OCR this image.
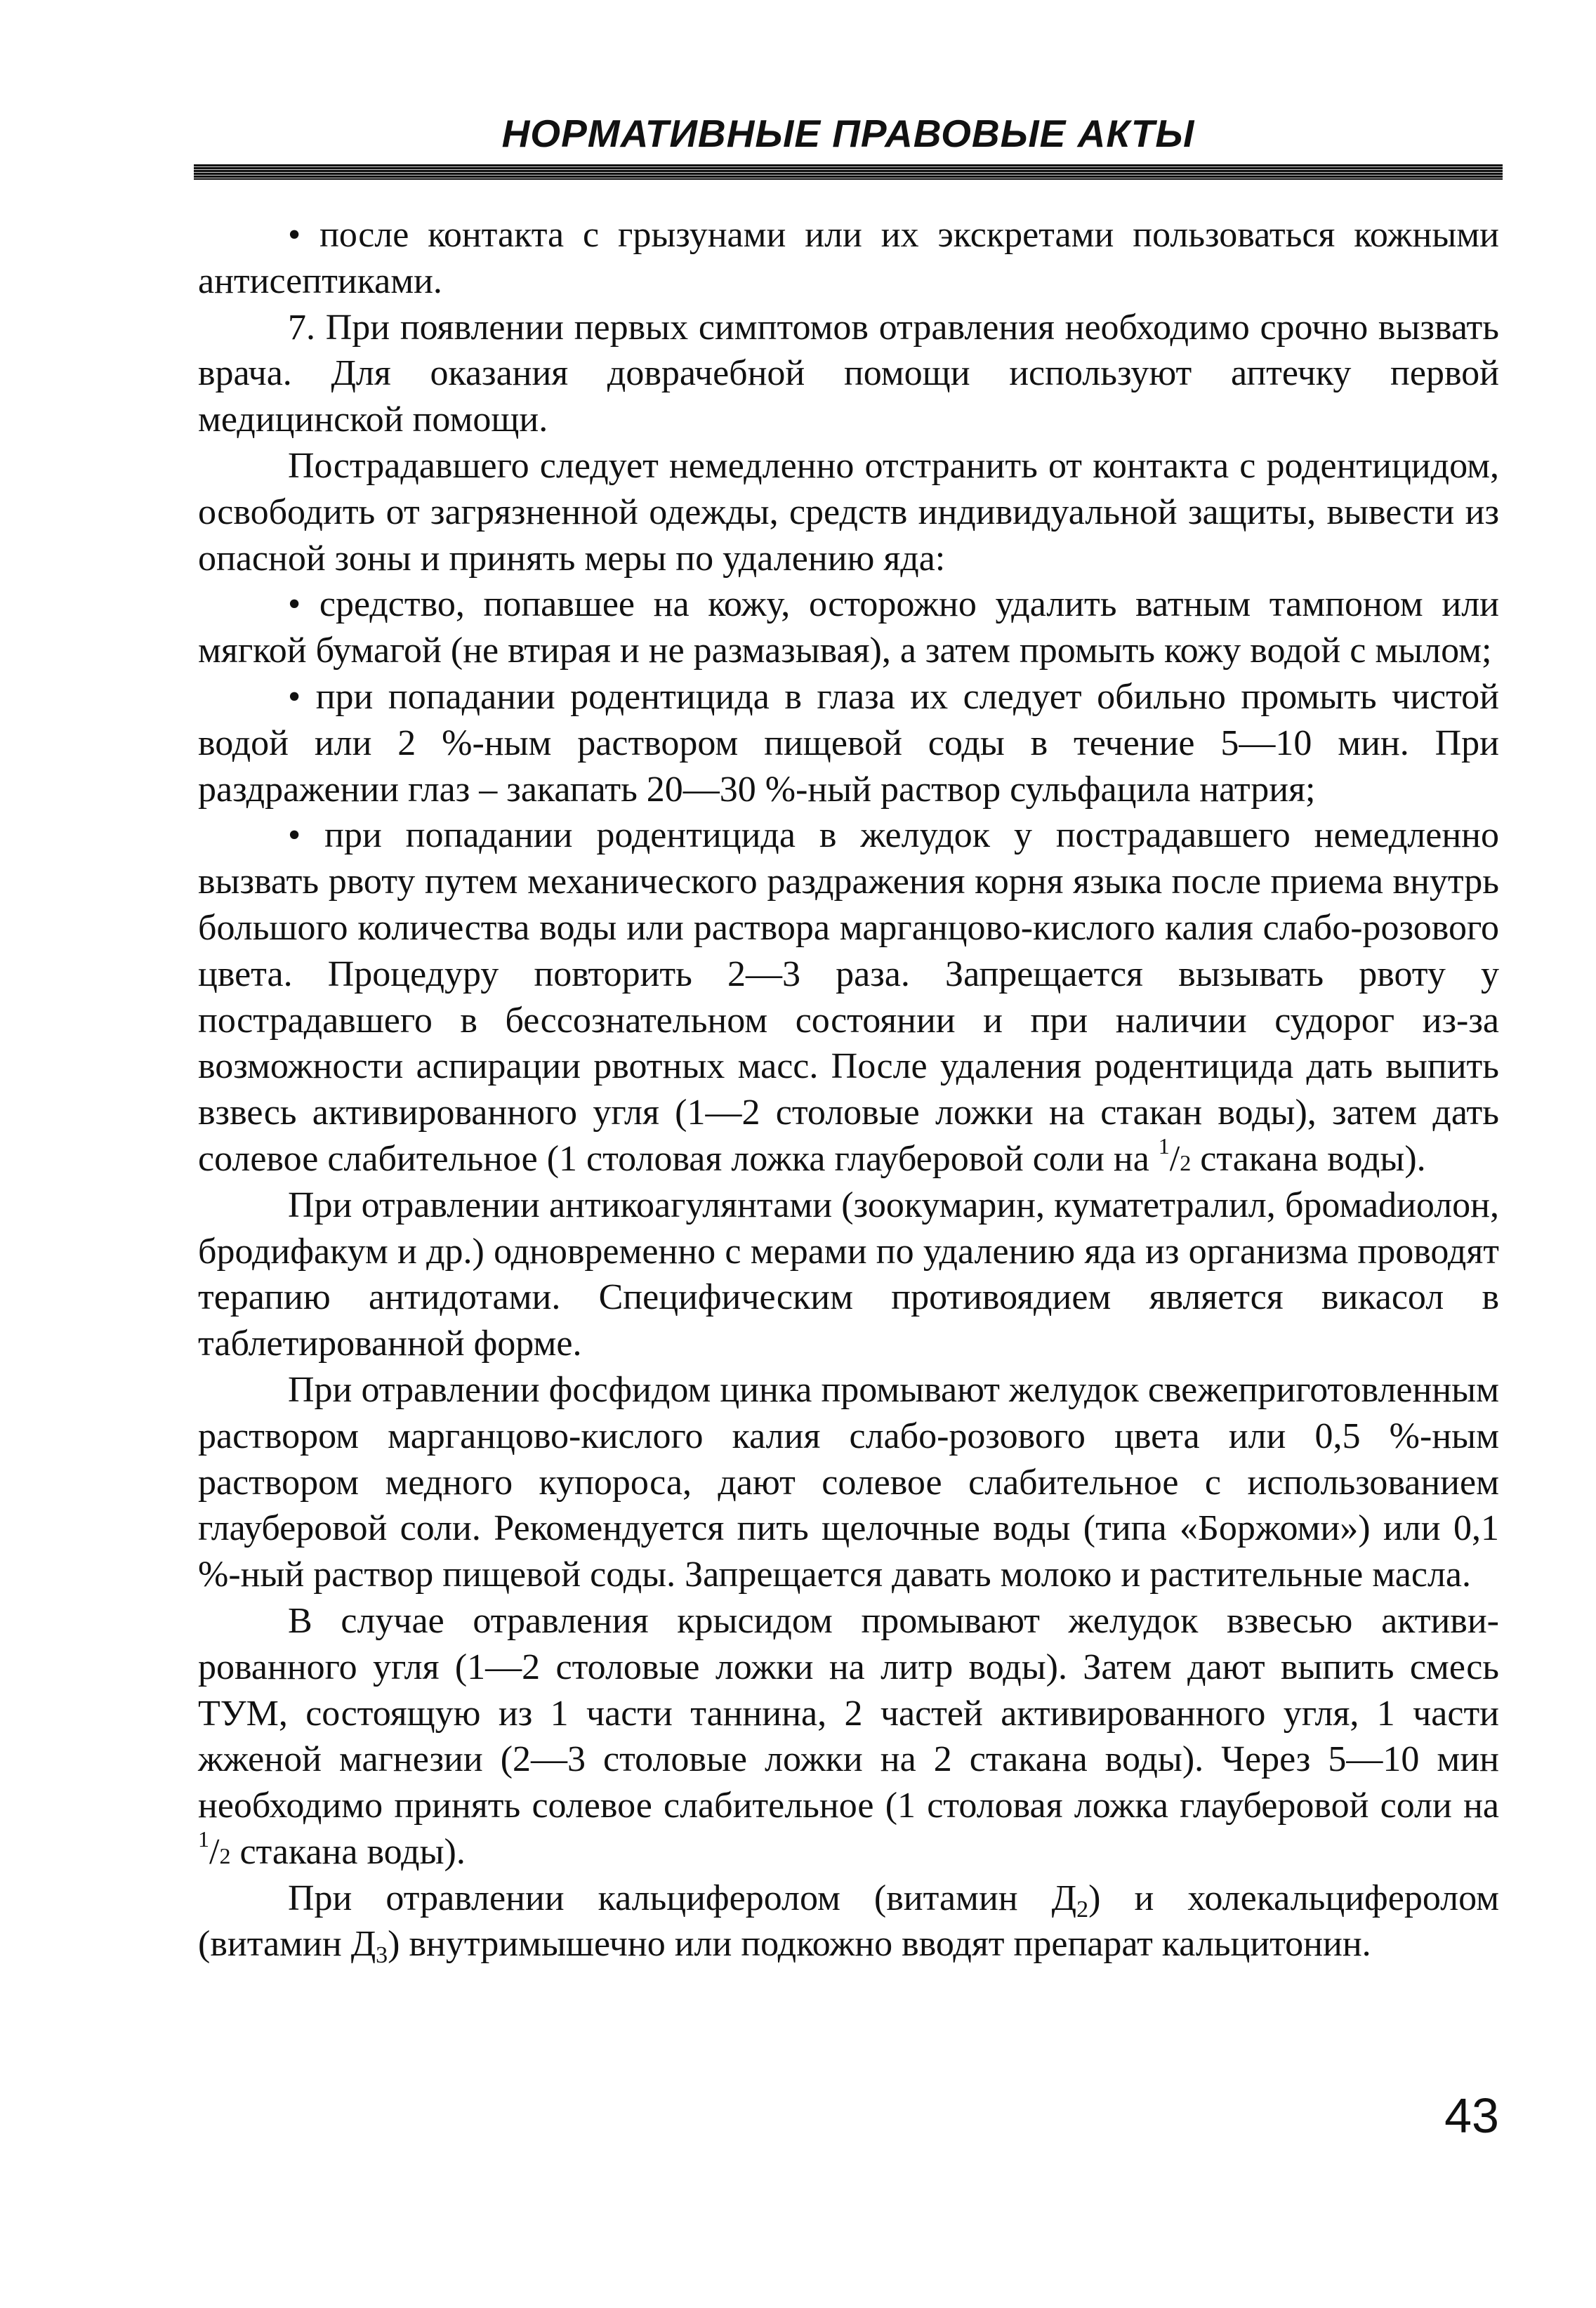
НОРМАТИВНЫЕ ПРАВОВЫЕ АКТЫ

• после контакта с грызунами или их экскретами пользоваться кожными антисептиками.

7. При появлении первых симптомов отравления необходимо срочно вызвать врача. Для оказания доврачебной помощи используют аптечку первой медицинской помощи.

Пострадавшего следует немедленно отстранить от контакта с родентицидом, освободить от загрязненной одежды, средств индивидуальной защиты, вывести из опасной зоны и принять меры по удалению яда:

• средство, попавшее на кожу, осторожно удалить ватным тампоном или мягкой бумагой (не втирая и не размазывая), а затем промыть кожу водой с мылом;

• при попадании родентицида в глаза их следует обильно промыть чистой водой или 2 %-ным раствором пищевой соды в течение 5—10 мин. При раздражении глаз – закапать 20—30 %-ный раствор сульфацила натрия;

• при попадании родентицида в желудок у пострадавшего немедленно вызвать рвоту путем механического раздражения корня языка после приема внутрь большого количества воды или раствора марганцово-кислого калия слабо-розового цвета. Процедуру повторить 2—3 раза. Запрещается вызывать рвоту у пострадавшего в бессознательном состоянии и при наличии судорог из-за возможности аспирации рвотных масс. После удаления родентицида дать выпить взвесь активированного угля (1—2 столовые ложки на стакан воды), затем дать солевое слабительное (1 столовая ложка глауберовой соли на $^1$/2 стакана воды).

При отравлении антикоагулянтами (зоокумарин, куматетралил, бромаdиолон, бродифакум и др.) одновременно с мерами по удалению яда из организма проводят терапию антидотами. Специфическим противоядием является викасол в таблетированной форме.

При отравлении фосфидом цинка промывают желудок свежеприготовленным раствором марганцово-кислого калия слабо-розового цвета или 0,5 %-ным раствором медного купороса, дают солевое слабительное с использованием глауберовой соли. Рекомендуется пить щелочные воды (типа «Боржоми») или 0,1 %-ный раствор пищевой соды. Запрещается давать молоко и растительные масла.

В случае отравления крысидом промывают желудок взвесью активированного угля (1—2 столовые ложки на литр воды). Затем дают выпить смесь ТУМ, состоящую из 1 части таннина, 2 частей активированного угля, 1 части жженой магнезии (2—3 столовые ложки на 2 стакана воды). Через 5—10 мин необходимо принять солевое слабительное (1 столовая ложка глауберовой соли на $^1$/2 стакана воды).

При отравлении кальциферолом (витамин Д2) и холекальциферолом (витамин Д3) внутримышечно или подкожно вводят препарат кальцитонин.

43
